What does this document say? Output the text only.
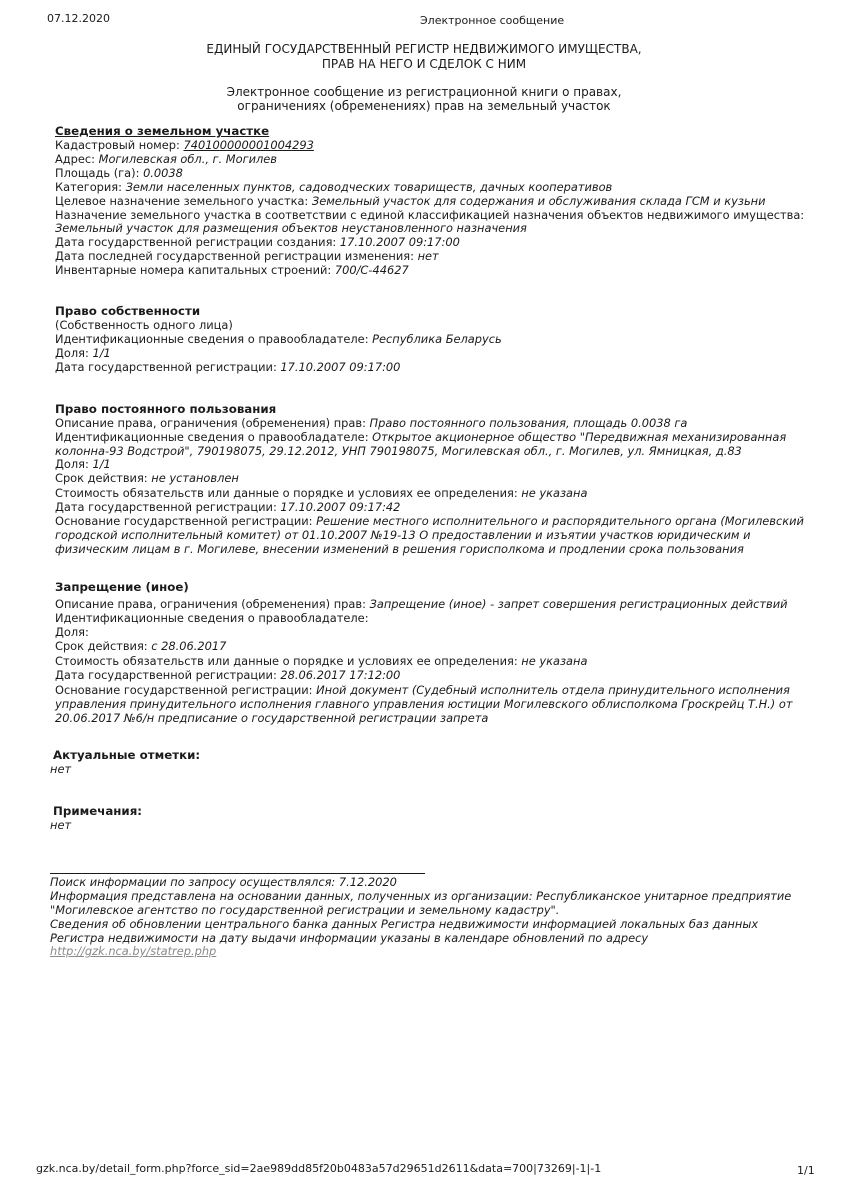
07.12.2020	Электронное сообщение
ЕДИНЫЙ ГОСУДАРСТВЕННЫЙ РЕГИСТР НЕДВИЖИМОГО ИМУЩЕСТВА,
ПРАВ НА НЕГО И СДЕЛОК С НИМ
Электронное сообщение из регистрационной книги о правах,
ограничениях (обременениях) прав на земельный участок
Сведения о земельном участке
Кадастровый номер: 740100000001004293
Адрес: Могилевская обл., г. Могилев
Площадь (га): 0.0038
Категория: Земли населенных пунктов, садоводческих товариществ, дачных кооперативов
Целевое назначение земельного участка: Земельный участок для содержания и обслуживания склада ГСМ и кузьни
Назначение земельного участка в соответствии с единой классификацией назначения объектов недвижимого имущества:
Земельный участок для размещения объектов неустановленного назначения
Дата государственной регистрации создания: 17.10.2007 09:17:00
Дата последней государственной регистрации изменения: нет
Инвентарные номера капитальных строений: 700/С-44627
Право собственности
(Собственность одного лица)
Идентификационные сведения о правообладателе: Республика Беларусь
Доля: 1/1
Дата государственной регистрации: 17.10.2007 09:17:00
Право постоянного пользования
Описание права, ограничения (обременения) прав: Право постоянного пользования, площадь 0.0038 га
Идентификационные сведения о правообладателе: Открытое акционерное общество "Передвижная механизированная
колонна-93 Водстрой", 790198075, 29.12.2012, УНП 790198075, Могилевская обл., г. Могилев, ул. Ямницкая, д.83
Доля: 1/1
Срок действия: не установлен
Стоимость обязательств или данные о порядке и условиях ее определения: не указана
Дата государственной регистрации: 17.10.2007 09:17:42
Основание государственной регистрации: Решение местного исполнительного и распорядительного органа (Могилевский
городской исполнительный комитет) от 01.10.2007 №19-13 О предоставлении и изъятии участков юридическим и
физическим лицам в г. Могилеве, внесении изменений в решения горисполкома и продлении срока пользования
Запрещение (иное)
Описание права, ограничения (обременения) прав: Запрещение (иное) - запрет совершения регистрационных действий
Идентификационные сведения о правообладателе:
Доля:
Срок действия: с 28.06.2017
Стоимость обязательств или данные о порядке и условиях ее определения: не указана
Дата государственной регистрации: 28.06.2017 17:12:00
Основание государственной регистрации: Иной документ (Судебный исполнитель отдела принудительного исполнения
управления принудительного исполнения главного управления юстиции Могилевского облисполкома Гроскрейц Т.Н.) от
20.06.2017 №6/н предписание о государственной регистрации запрета
Актуальные отметки:
нет
Примечания:
нет
Поиск информации по запросу осуществлялся: 7.12.2020
Информация представлена на основании данных, полученных из организации: Республиканское унитарное предприятие
"Могилевское агентство по государственной регистрации и земельному кадастру".
Сведения об обновлении центрального банка данных Регистра недвижимости информацией локальных баз данных
Регистра недвижимости на дату выдачи информации указаны в календаре обновлений по адресу
http://gzk.nca.by/statrep.php
gzk.nca.by/detail_form.php?force_sid=2ae989dd85f20b0483a57d29651d2611&data=700|73269|-1|-1	1/1
